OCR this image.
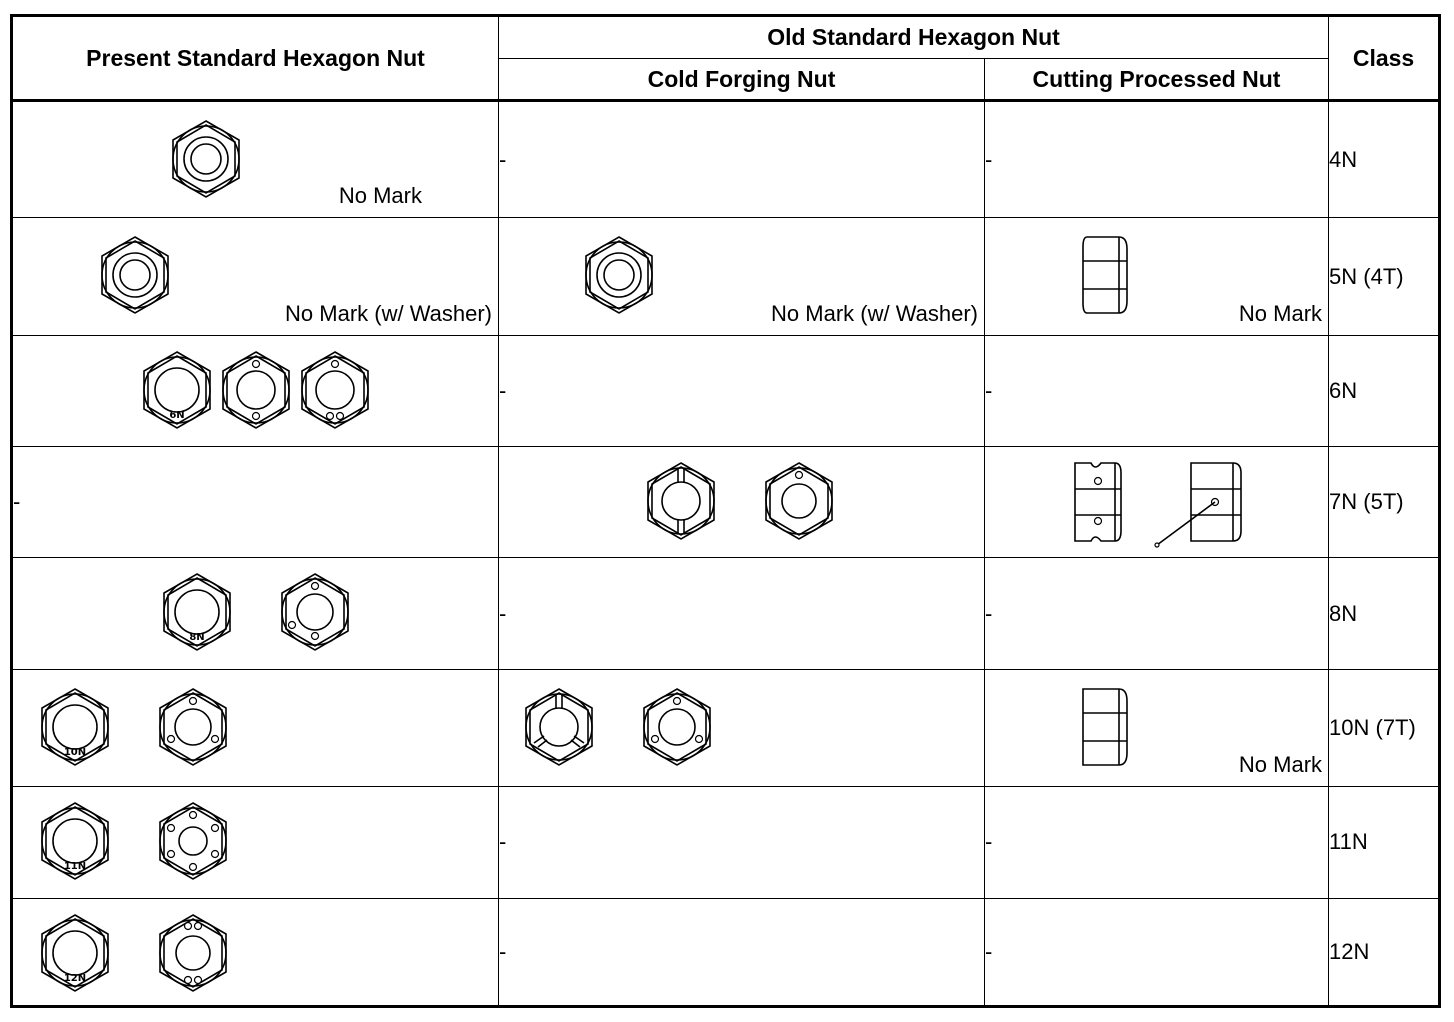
Present Standard Hexagon Nut	Old Standard Hexagon Nut		Class
	Cold Forging Nut	Cutting Processed Nut	

No Mark	-	-	4N

No Mark (w/ Washer)	No Mark (w/ Washer)	No Mark	5N (4T)

6N	-	-	6N
-			7N (5T)

8N	-	-	8N

10N		No Mark	10N (7T)

11N	-	-	11N

12N	-	-	12N
